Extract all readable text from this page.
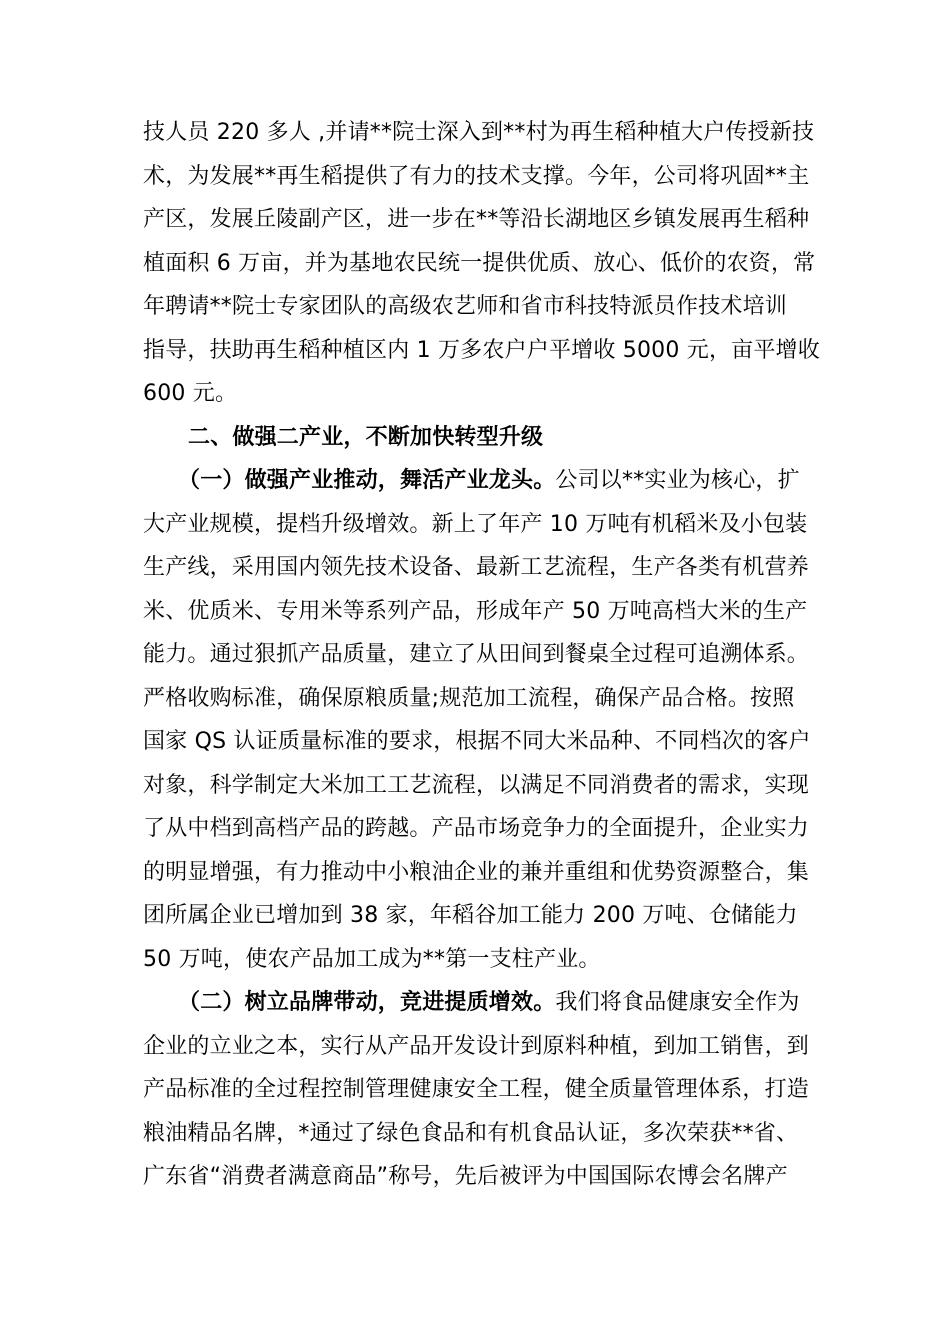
技人员 220 多人 ,并请**院士深入到**村为再生稻种植大户传授新技
术，为发展**再生稻提供了有力的技术支撑。今年，公司将巩固**主
产区，发展丘陵副产区，进一步在**等沿长湖地区乡镇发展再生稻种
植面积 6 万亩，并为基地农民统一提供优质、放心、低价的农资，常
年聘请**院士专家团队的高级农艺师和省市科技特派员作技术培训
指导，扶助再生稻种植区内 1 万多农户户平增收 5000 元，亩平增收
600 元。
二、做强二产业，不断加快转型升级
（一）做强产业推动，舞活产业龙头。公司以**实业为核心，扩
大产业规模，提档升级增效。新上了年产 10 万吨有机稻米及小包装
生产线，采用国内领先技术设备、最新工艺流程，生产各类有机营养
米、优质米、专用米等系列产品，形成年产 50 万吨高档大米的生产
能力。通过狠抓产品质量，建立了从田间到餐桌全过程可追溯体系。
严格收购标准，确保原粮质量;规范加工流程，确保产品合格。按照
国家 QS 认证质量标准的要求，根据不同大米品种、不同档次的客户
对象，科学制定大米加工工艺流程，以满足不同消费者的需求，实现
了从中档到高档产品的跨越。产品市场竞争力的全面提升，企业实力
的明显增强，有力推动中小粮油企业的兼并重组和优势资源整合，集
团所属企业已增加到 38 家，年稻谷加工能力 200 万吨、仓储能力
50 万吨，使农产品加工成为**第一支柱产业。
（二）树立品牌带动，竞进提质增效。我们将食品健康安全作为
企业的立业之本，实行从产品开发设计到原料种植，到加工销售，到
产品标准的全过程控制管理健康安全工程，健全质量管理体系，打造
粮油精品名牌，*通过了绿色食品和有机食品认证，多次荣获**省、
广东省“消费者满意商品”称号，先后被评为中国国际农博会名牌产
